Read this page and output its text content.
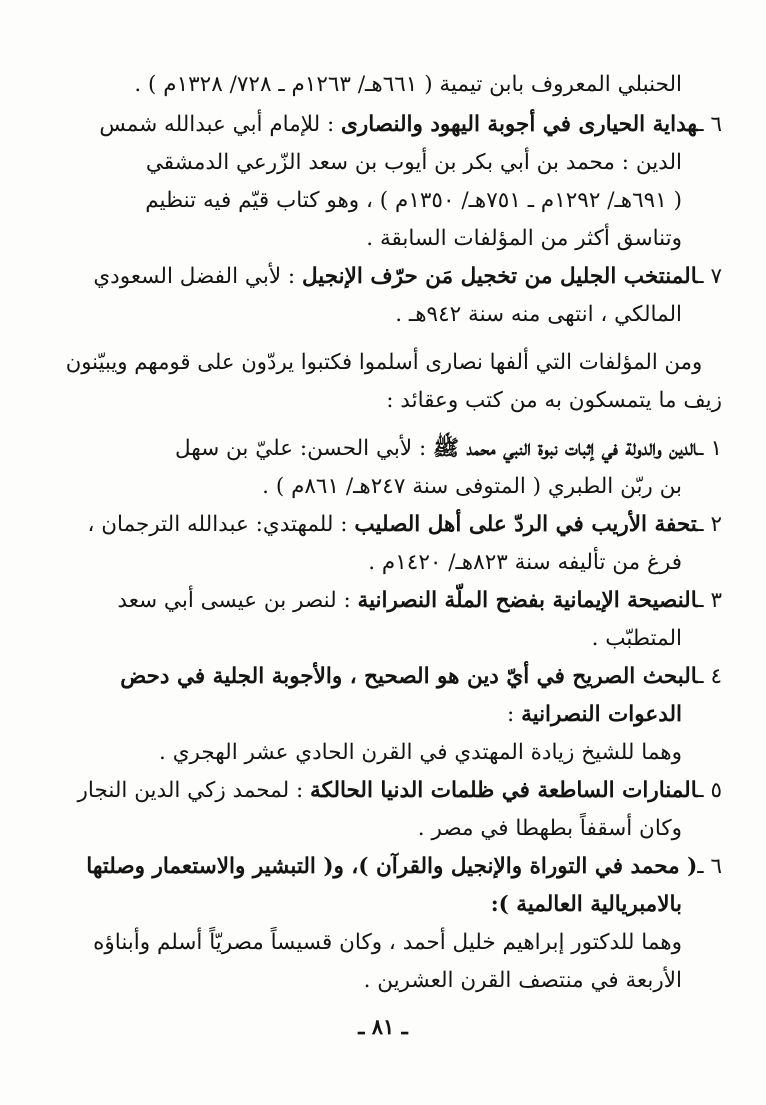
الحنبلي المعروف بابن تيمية ( ٦٦١هـ/ ١٢٦٣م ـ ٧٢٨/ ١٣٢٨م ) .
٦ ـهداية الحيارى في أجوبة اليهود والنصارى : للإمام أبي عبدالله شمس
الدين : محمد بن أبي بكر بن أيوب بن سعد الزّرعي الدمشقي
( ٦٩١هـ/ ١٢٩٢م ـ ٧٥١هـ/ ١٣٥٠م ) ، وهو كتاب قيّم فيه تنظيم
وتناسق أكثر من المؤلفات السابقة .
٧ ـالمنتخب الجليل من تخجيل مَن حرّف الإنجيل : لأبي الفضل السعودي
المالكي ، انتهى منه سنة ٩٤٢هـ .
ومن المؤلفات التي ألفها نصارى أسلموا فكتبوا يردّون على قومهم ويبيّنون
زيف ما يتمسكون به من كتب وعقائد :
١ ـالدين والدولة في إثبات نبوة النبي محمد ﷺ : لأبي الحسن: عليّ بن سهل
بن ربّن الطبري ( المتوفى سنة ٢٤٧هـ/ ٨٦١م ) .
٢ ـتحفة الأريب في الردّ على أهل الصليب : للمهتدي: عبدالله الترجمان ،
فرغ من تأليفه سنة ٨٢٣هـ/ ١٤٢٠م .
٣ ـالنصيحة الإيمانية بفضح الملّة النصرانية : لنصر بن عيسى أبي سعد
المتطبّب .
٤ ـالبحث الصريح في أيّ دين هو الصحيح ، والأجوبة الجلية في دحض
الدعوات النصرانية :
وهما للشيخ زيادة المهتدي في القرن الحادي عشر الهجري .
٥ ـالمنارات الساطعة في ظلمات الدنيا الحالكة : لمحمد زكي الدين النجار
وكان أسقفاً بطهطا في مصر .
٦ ـ( محمد في التوراة والإنجيل والقرآن )، و( التبشير والاستعمار وصلتها
بالامبريالية العالمية ):
وهما للدكتور إبراهيم خليل أحمد ، وكان قسيساً مصريّاً أسلم وأبناؤه
الأربعة في منتصف القرن العشرين .
ـ ٨١ ـ
